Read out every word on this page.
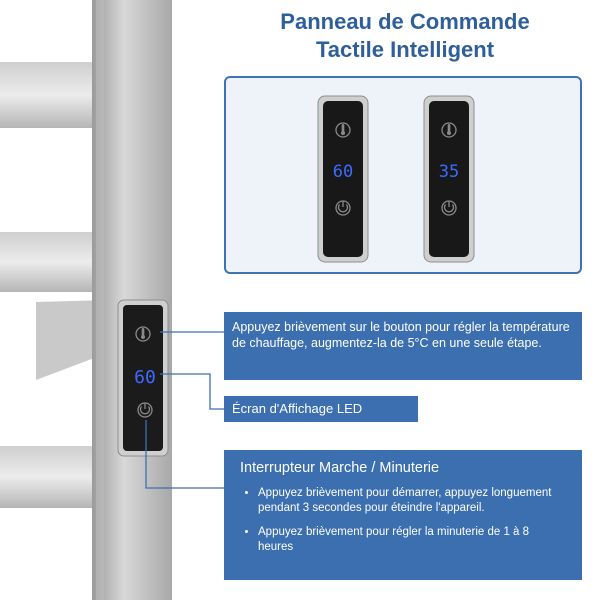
60
Panneau de Commande
Tactile Intelligent
60	35
Appuyez brièvement sur le bouton pour régler la température de chauffage, augmentez-la de 5°C en une seule étape.
Écran d'Affichage LED
Interrupteur Marche / Minuterie
• Appuyez brièvement pour démarrer, appuyez longuement pendant 3 secondes pour éteindre l'appareil.
• Appuyez brièvement pour régler la minuterie de 1 à 8 heures
